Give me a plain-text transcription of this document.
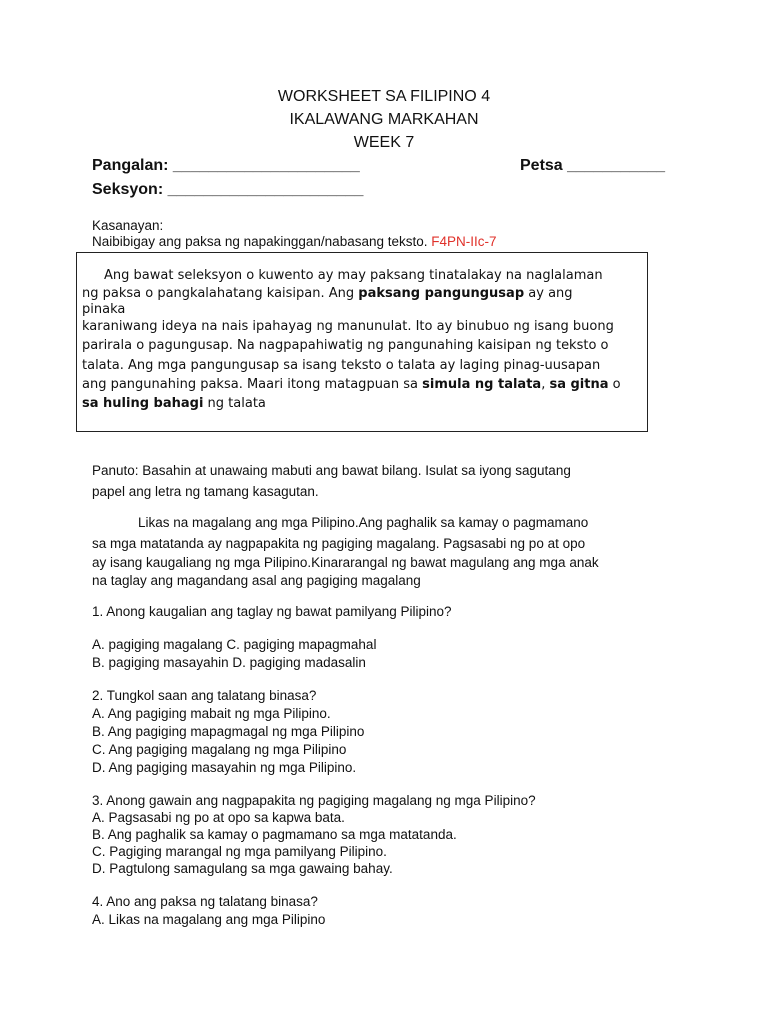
WORKSHEET SA FILIPINO 4
IKALAWANG MARKAHAN
WEEK 7
Pangalan: _____________________	Petsa ___________
Seksyon: ______________________
Kasanayan:
Naibibigay ang paksa ng napakinggan/nabasang teksto. F4PN-IIc-7
Ang bawat seleksyon o kuwento ay may paksang tinatalakay na naglalaman
ng paksa o pangkalahatang kaisipan. Ang paksang pangungusap ay ang
pinaka
karaniwang ideya na nais ipahayag ng manunulat. Ito ay binubuo ng isang buong
parirala o pagungusap. Na nagpapahiwatig ng pangunahing kaisipan ng teksto o
talata. Ang mga pangungusap sa isang teksto o talata ay laging pinag-uusapan
ang pangunahing paksa. Maari itong matagpuan sa simula ng talata, sa gitna o
sa huling bahagi ng talata
Panuto: Basahin at unawaing mabuti ang bawat bilang. Isulat sa iyong sagutang
papel ang letra ng tamang kasagutan.
Likas na magalang ang mga Pilipino.Ang paghalik sa kamay o pagmamano
sa mga matatanda ay nagpapakita ng pagiging magalang. Pagsasabi ng po at opo
ay isang kaugaliang ng mga Pilipino.Kinararangal ng bawat magulang ang mga anak
na taglay ang magandang asal ang pagiging magalang
1. Anong kaugalian ang taglay ng bawat pamilyang Pilipino?
A. pagiging magalang C. pagiging mapagmahal
B. pagiging masayahin D. pagiging madasalin
2. Tungkol saan ang talatang binasa?
A. Ang pagiging mabait ng mga Pilipino.
B. Ang pagiging mapagmagal ng mga Pilipino
C. Ang pagiging magalang ng mga Pilipino
D. Ang pagiging masayahin ng mga Pilipino.
3. Anong gawain ang nagpapakita ng pagiging magalang ng mga Pilipino?
A. Pagsasabi ng po at opo sa kapwa bata.
B. Ang paghalik sa kamay o pagmamano sa mga matatanda.
C. Pagiging marangal ng mga pamilyang Pilipino.
D. Pagtulong samagulang sa mga gawaing bahay.
4. Ano ang paksa ng talatang binasa?
A. Likas na magalang ang mga Pilipino
